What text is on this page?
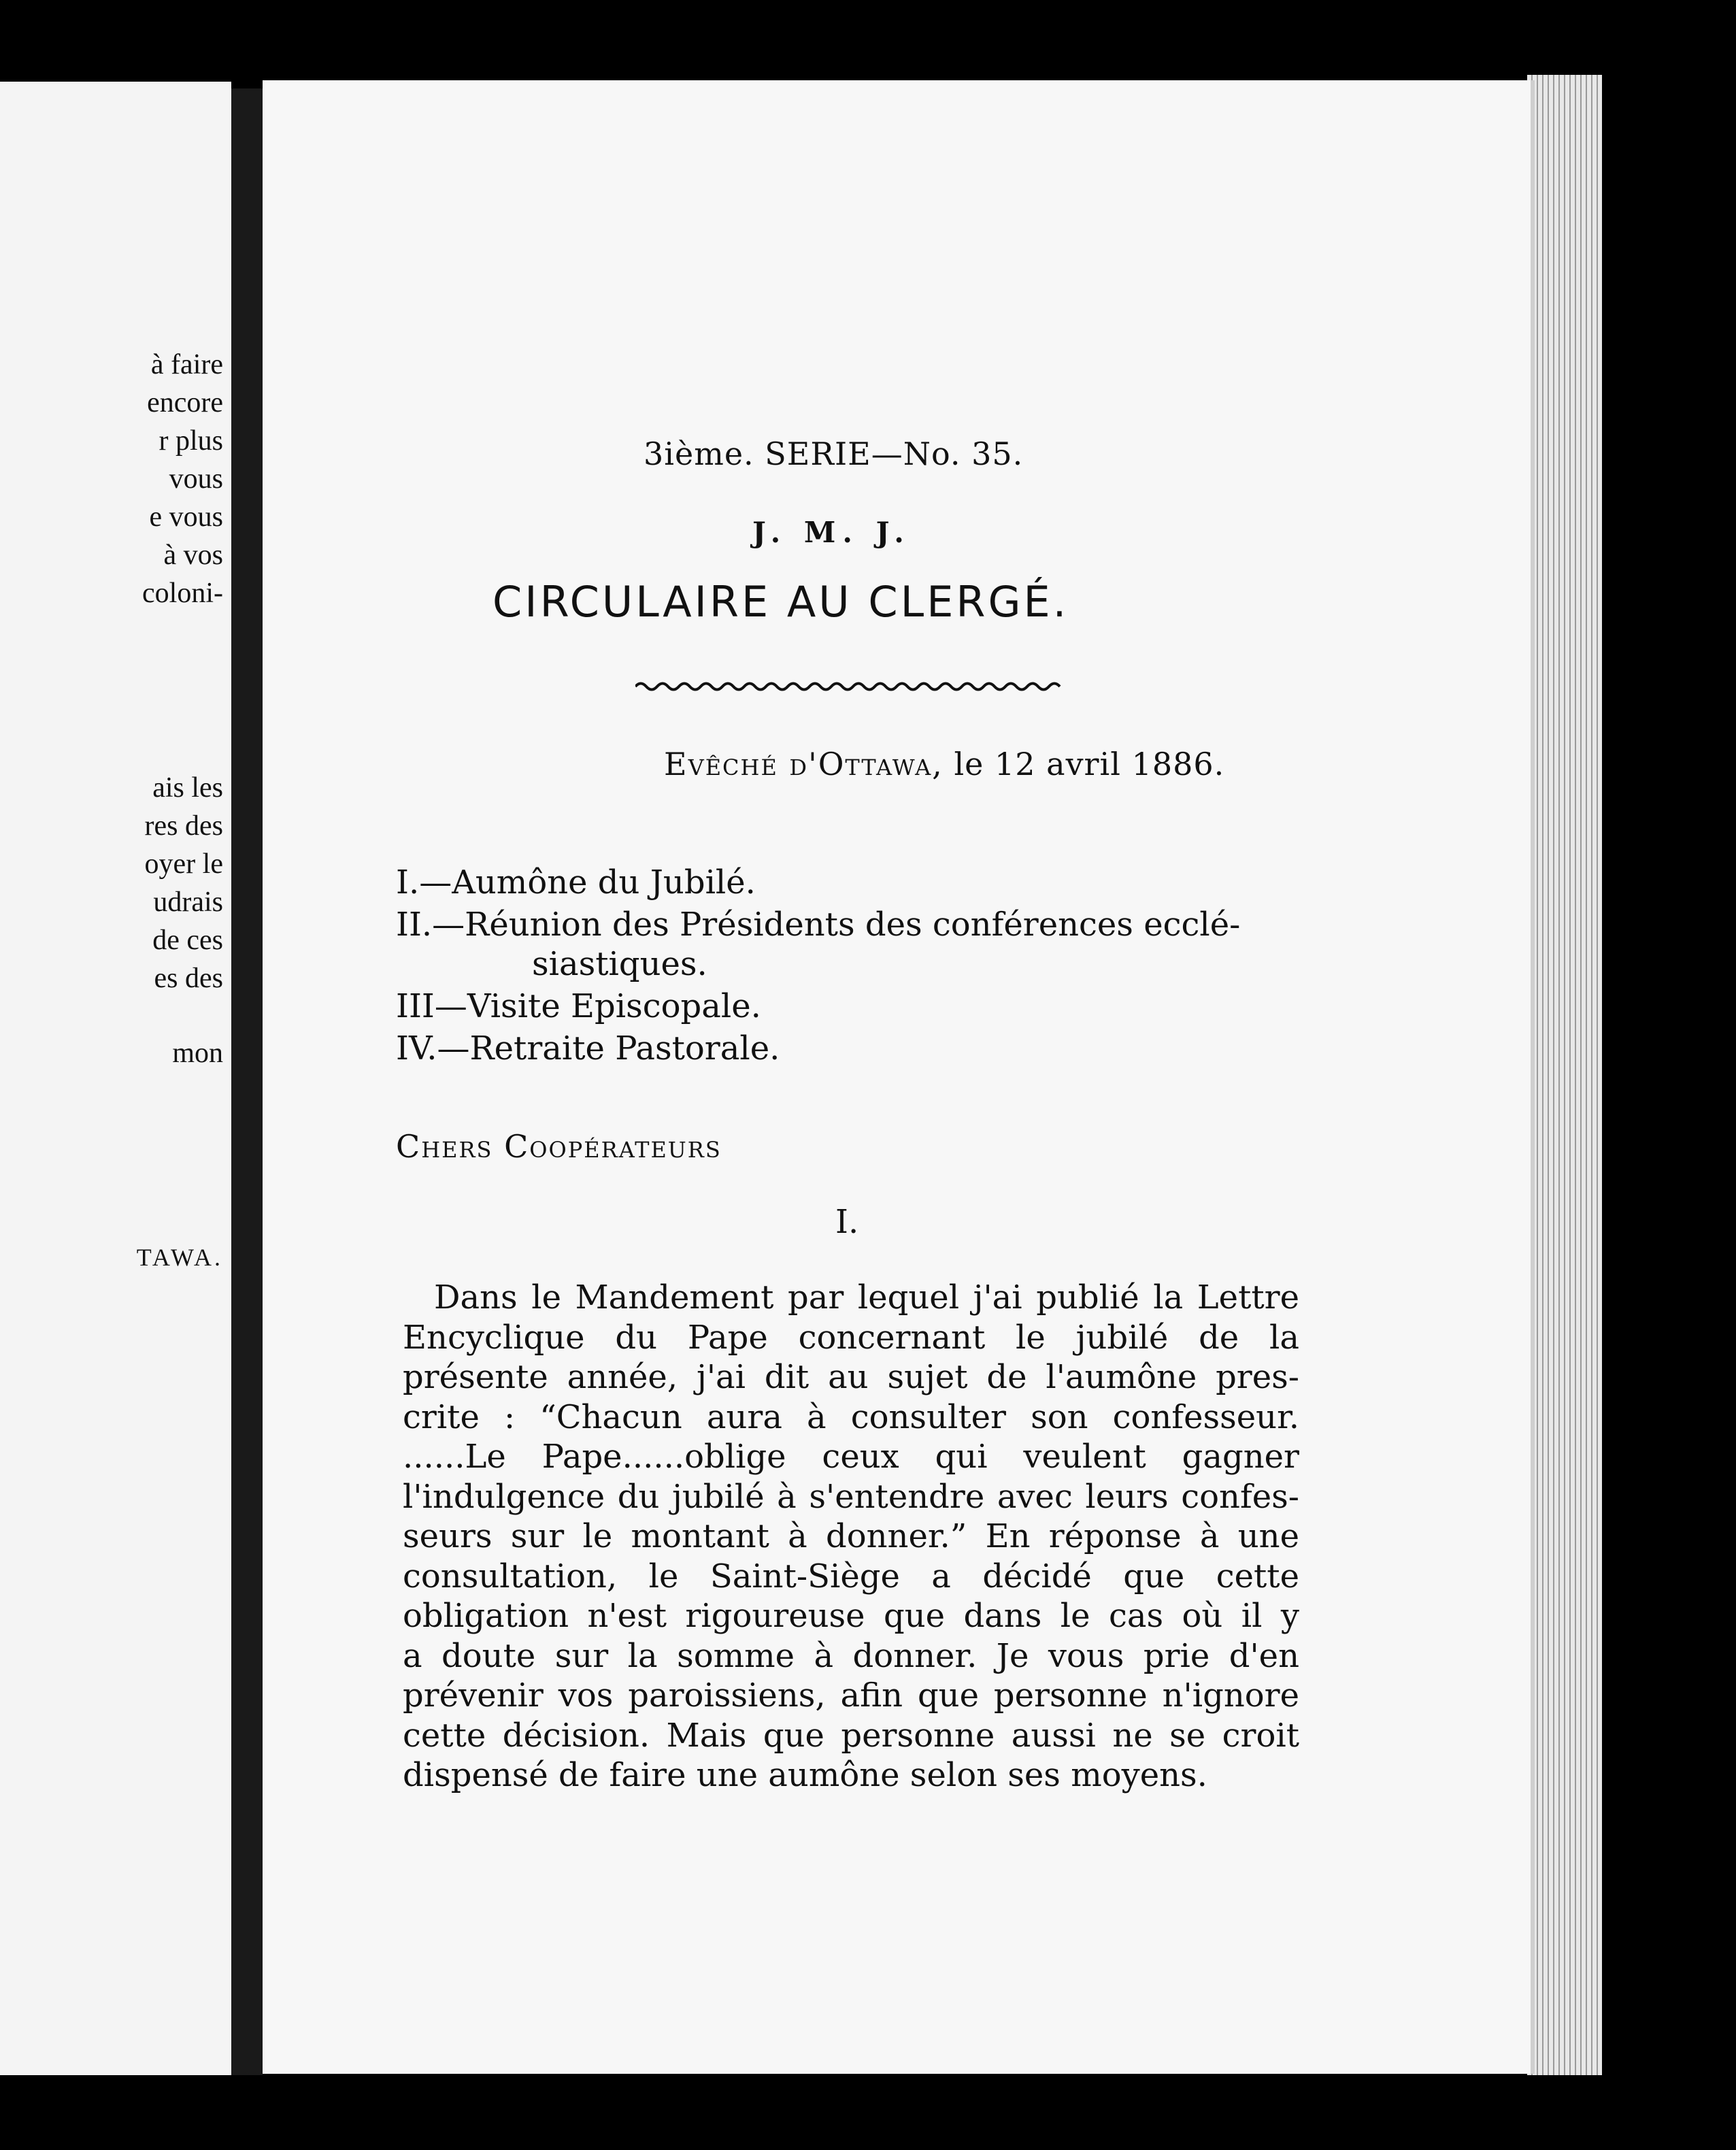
à faire
encore
r plus
vous
e vous
à vos
coloni-
ais les
res des
oyer le
udrais
de ces
es des
mon
TAWA.
3ième. SERIE—No. 35.
J. M. J.
CIRCULAIRE AU CLERGÉ.
Evêché d'Ottawa, le 12 avril 1886.
I.—Aumône du Jubilé.
II.—Réunion des Présidents des conférences ecclé-
siastiques.
III—Visite Episcopale.
IV.—Retraite Pastorale.
Chers Coopérateurs
I.
Dans le Mandement par lequel j'ai publié la Lettre
Encyclique du Pape concernant le jubilé de la
présente année, j'ai dit au sujet de l'aumône pres-
crite : “Chacun aura à consulter son confesseur.
......Le Pape......oblige ceux qui veulent gagner
l'indulgence du jubilé à s'entendre avec leurs confes-
seurs sur le montant à donner.” En réponse à une
consultation, le Saint-Siège a décidé que cette
obligation n'est rigoureuse que dans le cas où il y
a doute sur la somme à donner. Je vous prie d'en
prévenir vos paroissiens, afin que personne n'ignore
cette décision. Mais que personne aussi ne se croit
dispensé de faire une aumône selon ses moyens.
